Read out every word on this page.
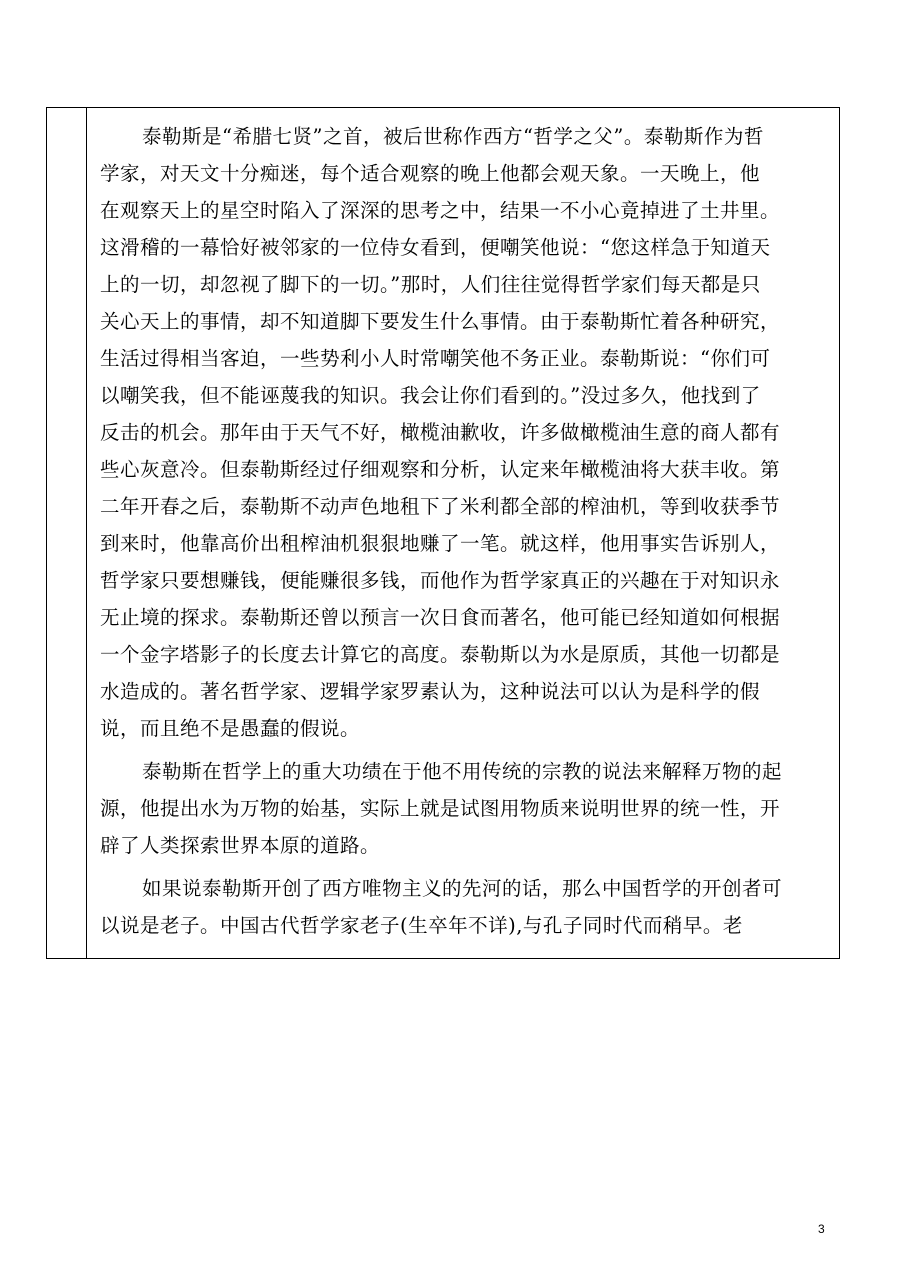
泰勒斯是“希腊七贤”之首，被后世称作西方“哲学之父”。泰勒斯作为哲
学家，对天文十分痴迷，每个适合观察的晚上他都会观天象。一天晚上，他
在观察天上的星空时陷入了深深的思考之中，结果一不小心竟掉进了土井里。
这滑稽的一幕恰好被邻家的一位侍女看到，便嘲笑他说：“您这样急于知道天
上的一切，却忽视了脚下的一切。”那时，人们往往觉得哲学家们每天都是只
关心天上的事情，却不知道脚下要发生什么事情。由于泰勒斯忙着各种研究，
生活过得相当客迫，一些势利小人时常嘲笑他不务正业。泰勒斯说：“你们可
以嘲笑我，但不能诬蔑我的知识。我会让你们看到的。”没过多久，他找到了
反击的机会。那年由于天气不好，橄榄油歉收，许多做橄榄油生意的商人都有
些心灰意冷。但泰勒斯经过仔细观察和分析，认定来年橄榄油将大获丰收。第
二年开春之后，泰勒斯不动声色地租下了米利都全部的榨油机，等到收获季节
到来时，他靠高价出租榨油机狠狠地赚了一笔。就这样，他用事实告诉别人，
哲学家只要想赚钱，便能赚很多钱，而他作为哲学家真正的兴趣在于对知识永
无止境的探求。泰勒斯还曾以预言一次日食而著名，他可能已经知道如何根据
一个金字塔影子的长度去计算它的高度。泰勒斯以为水是原质，其他一切都是
水造成的。著名哲学家、逻辑学家罗素认为，这种说法可以认为是科学的假
说，而且绝不是愚蠢的假说。
泰勒斯在哲学上的重大功绩在于他不用传统的宗教的说法来解释万物的起
源，他提出水为万物的始基，实际上就是试图用物质来说明世界的统一性，开
辟了人类探索世界本原的道路。
如果说泰勒斯开创了西方唯物主义的先河的话，那么中国哲学的开创者可
以说是老子。中国古代哲学家老子(生卒年不详),与孔子同时代而稍早。老
3
